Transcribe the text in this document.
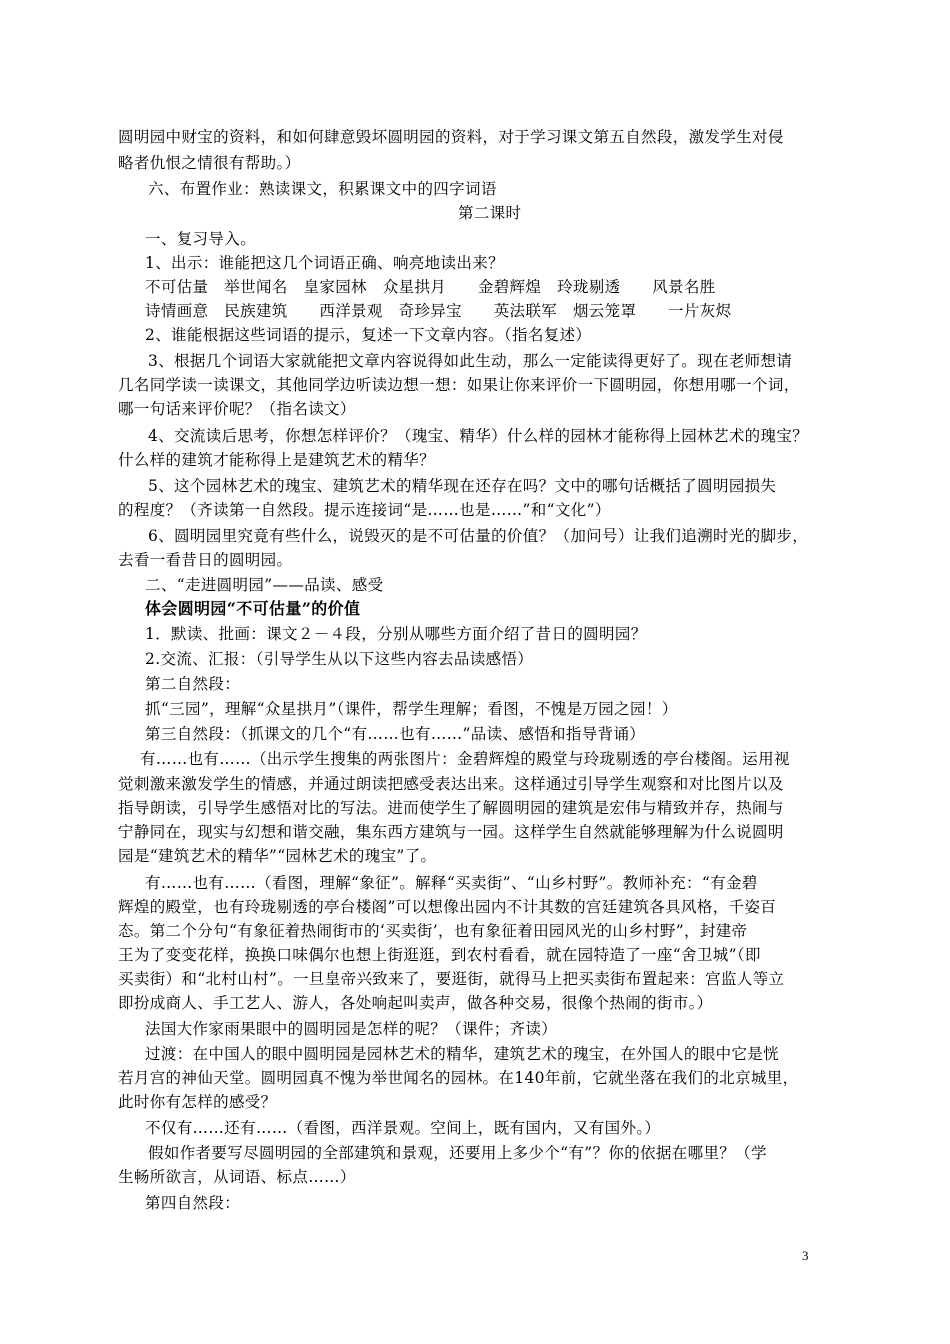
圆明园中财宝的资料，和如何肆意毁坏圆明园的资料，对于学习课文第五自然段，激发学生对侵
略者仇恨之情很有帮助。）
六、布置作业：熟读课文，积累课文中的四字词语
第二课时
一、复习导入。
1、出示：谁能把这几个词语正确、响亮地读出来？
不可估量　举世闻名　皇家园林　众星拱月　　金碧辉煌　玲珑剔透　　风景名胜
诗情画意　民族建筑　　西洋景观　奇珍异宝　　英法联军　烟云笼罩　　一片灰烬
2、谁能根据这些词语的提示，复述一下文章内容。（指名复述）
3、根据几个词语大家就能把文章内容说得如此生动，那么一定能读得更好了。现在老师想请
几名同学读一读课文，其他同学边听读边想一想：如果让你来评价一下圆明园，你想用哪一个词，
哪一句话来评价呢？（指名读文）
4、交流读后思考，你想怎样评价？（瑰宝、精华）什么样的园林才能称得上园林艺术的瑰宝？
什么样的建筑才能称得上是建筑艺术的精华？
5、这个园林艺术的瑰宝、建筑艺术的精华现在还存在吗？文中的哪句话概括了圆明园损失
的程度？（齐读第一自然段。提示连接词“是……也是……”和“文化”）
6、圆明园里究竟有些什么，说毁灭的是不可估量的价值？（加问号）让我们追溯时光的脚步，
去看一看昔日的圆明园。
二、“走进圆明园”——品读、感受
体会圆明园“不可估量”的价值
1．默读、批画：课文２－４段，分别从哪些方面介绍了昔日的圆明园？
2.交流、汇报：（引导学生从以下这些内容去品读感悟）
第二自然段：
抓“三园”，理解“众星拱月”（课件，帮学生理解；看图，不愧是万园之园！）
第三自然段：（抓课文的几个“有……也有……”品读、感悟和指导背诵）
有……也有……（出示学生搜集的两张图片：金碧辉煌的殿堂与玲珑剔透的亭台楼阁。运用视
觉刺激来激发学生的情感，并通过朗读把感受表达出来。这样通过引导学生观察和对比图片以及
指导朗读，引导学生感悟对比的写法。进而使学生了解圆明园的建筑是宏伟与精致并存，热闹与
宁静同在，现实与幻想和谐交融，集东西方建筑与一园。这样学生自然就能够理解为什么说圆明
园是“建筑艺术的精华”“园林艺术的瑰宝”了。
有……也有……（看图，理解“象征”。解释“买卖街”、“山乡村野”。教师补充：“有金碧
辉煌的殿堂，也有玲珑剔透的亭台楼阁”可以想像出园内不计其数的宫廷建筑各具风格，千姿百
态。第二个分句“有象征着热闹街市的‘买卖街’，也有象征着田园风光的山乡村野”，封建帝
王为了变变花样，换换口味偶尔也想上街逛逛，到农村看看，就在园特造了一座“舍卫城”（即
买卖街）和“北村山村”。一旦皇帝兴致来了，要逛街，就得马上把买卖街布置起来：宫监人等立
即扮成商人、手工艺人、游人，各处响起叫卖声，做各种交易，很像个热闹的街市。）
法国大作家雨果眼中的圆明园是怎样的呢？（课件；齐读）
过渡：在中国人的眼中圆明园是园林艺术的精华，建筑艺术的瑰宝，在外国人的眼中它是恍
若月宫的神仙天堂。圆明园真不愧为举世闻名的园林。在140年前，它就坐落在我们的北京城里，
此时你有怎样的感受？
不仅有……还有……（看图，西洋景观。空间上，既有国内，又有国外。）
假如作者要写尽圆明园的全部建筑和景观，还要用上多少个“有”？你的依据在哪里？（学
生畅所欲言，从词语、标点……）
第四自然段：
3
